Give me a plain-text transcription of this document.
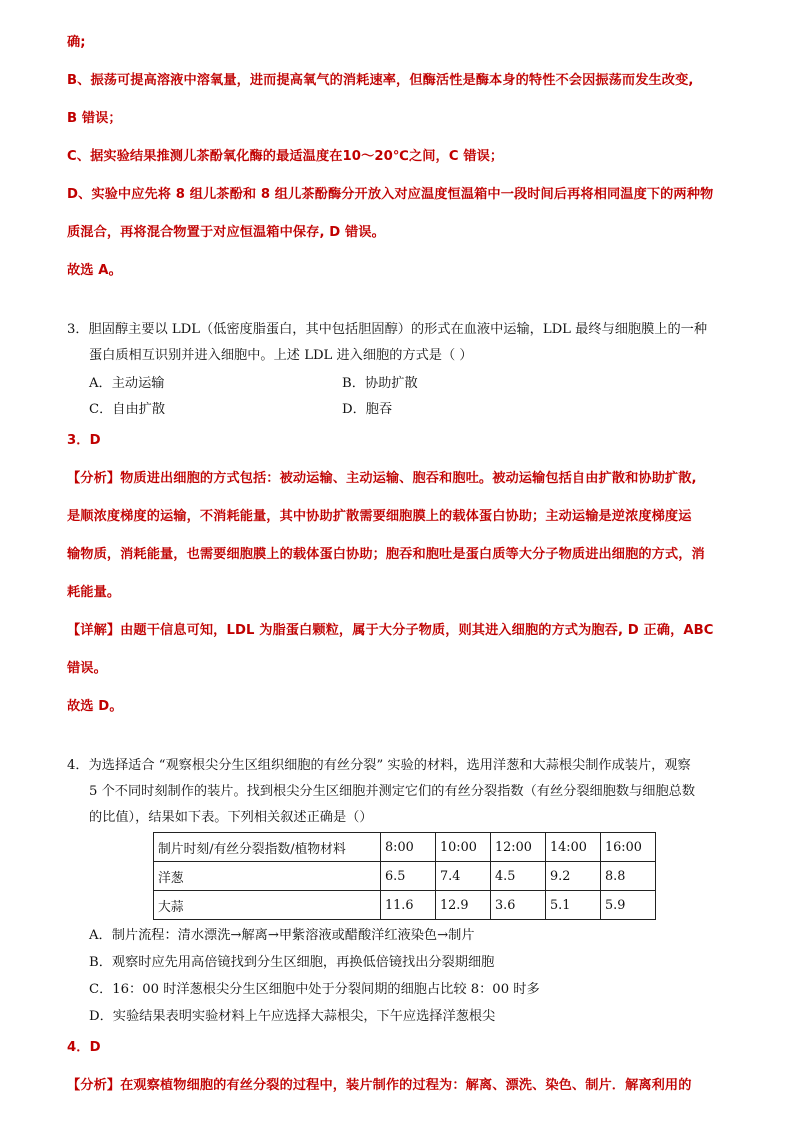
确;
B、振荡可提高溶液中溶氧量，进而提高氧气的消耗速率，但酶活性是酶本身的特性不会因振荡而发生改变,
B 错误；
C、据实验结果推测儿茶酚氧化酶的最适温度在10～20℃之间，C 错误；
D、实验中应先将 8 组儿茶酚和 8 组儿茶酚酶分开放入对应温度恒温箱中一段时间后再将相同温度下的两种物
质混合，再将混合物置于对应恒温箱中保存, D 错误。
故选 A。
3．胆固醇主要以 LDL（低密度脂蛋白，其中包括胆固醇）的形式在血液中运输，LDL 最终与细胞膜上的一种
蛋白质相互识别并进入细胞中。上述 LDL 进入细胞的方式是（ ）
A．主动运输	B．协助扩散
C．自由扩散	D．胞吞
3．D
【分析】物质进出细胞的方式包括：被动运输、主动运输、胞吞和胞吐。被动运输包括自由扩散和协助扩散,
是顺浓度梯度的运输，不消耗能量，其中协助扩散需要细胞膜上的载体蛋白协助；主动运输是逆浓度梯度运
输物质，消耗能量，也需要细胞膜上的载体蛋白协助；胞吞和胞吐是蛋白质等大分子物质进出细胞的方式，消
耗能量。
【详解】由题干信息可知，LDL 为脂蛋白颗粒，属于大分子物质，则其进入细胞的方式为胞吞, D 正确，ABC
错误。
故选 D。
4．为选择适合 “观察根尖分生区组织细胞的有丝分裂” 实验的材料，选用洋葱和大蒜根尖制作成装片，观察
5 个不同时刻制作的装片。找到根尖分生区细胞并测定它们的有丝分裂指数（有丝分裂细胞数与细胞总数
的比值），结果如下表。下列相关叙述正确是（）
制片时刻/有丝分裂指数/植物材料	8:00	10:00	12:00	14:00	16:00
洋葱	6.5	7.4	4.5	9.2	8.8
大蒜	11.6	12.9	3.6	5.1	5.9
A．制片流程：清水漂洗→解离→甲紫溶液或醋酸洋红液染色→制片
B．观察时应先用高倍镜找到分生区细胞，再换低倍镜找出分裂期细胞
C．16：00 时洋葱根尖分生区细胞中处于分裂间期的细胞占比较 8：00 时多
D．实验结果表明实验材料上午应选择大蒜根尖，下午应选择洋葱根尖
4．D
【分析】在观察植物细胞的有丝分裂的过程中，装片制作的过程为：解离、漂洗、染色、制片．解离利用的
